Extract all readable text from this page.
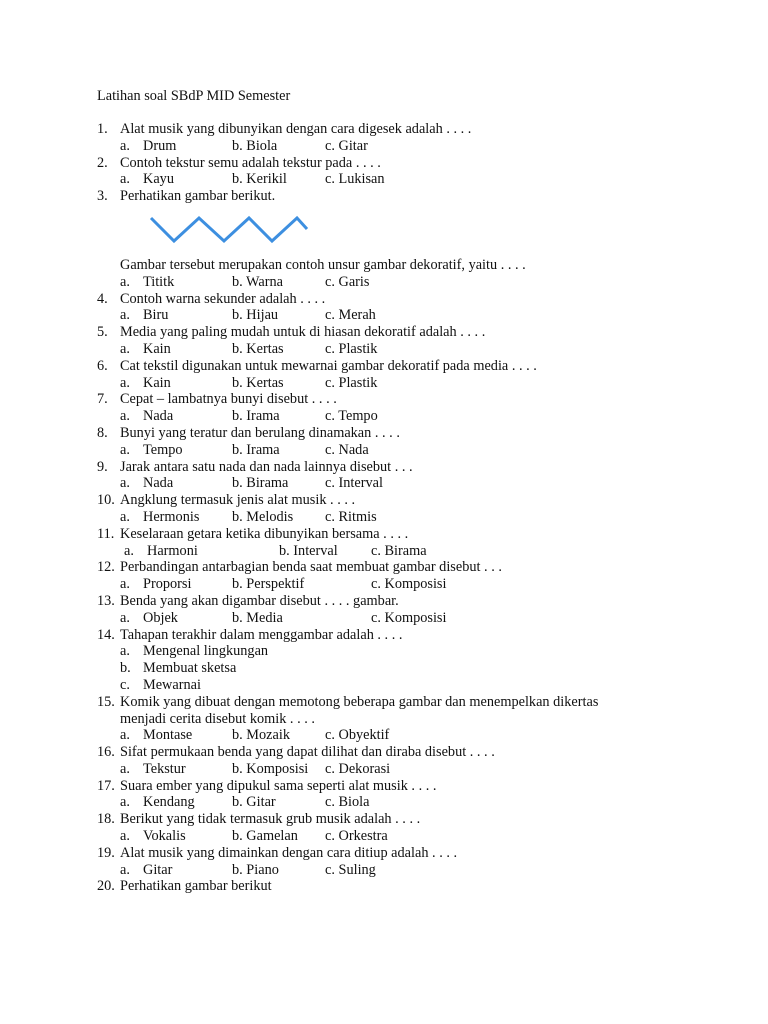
Latihan soal SBdP MID Semester
1. Alat musik yang dibunyikan dengan cara digesek adalah . . . .
a. Drum	b. Biola	c. Gitar
2. Contoh tekstur semu adalah tekstur pada . . . .
a. Kayu	b. Kerikil	c. Lukisan
3. Perhatikan gambar berikut.
Gambar tersebut merupakan contoh unsur gambar dekoratif, yaitu . . . .
a. Tititk	b. Warna	c. Garis
4. Contoh warna sekunder adalah . . . .
a. Biru	b. Hijau	c. Merah
5. Media yang paling mudah untuk di hiasan dekoratif adalah . . . .
a. Kain	b. Kertas	c. Plastik
6. Cat tekstil digunakan untuk mewarnai gambar dekoratif pada media . . . .
a. Kain	b. Kertas	c. Plastik
7. Cepat – lambatnya bunyi disebut . . . .
a. Nada	b. Irama	c. Tempo
8. Bunyi yang teratur dan berulang dinamakan . . . .
a. Tempo	b. Irama	c. Nada
9. Jarak antara satu nada dan nada lainnya disebut . . .
a. Nada	b. Birama	c. Interval
10. Angklung termasuk jenis alat musik . . . .
a. Hermonis b. Melodis c. Ritmis
11. Keselaraan getara ketika dibunyikan bersama . . . .
a. Harmoni	b. Interval c. Birama
12. Perbandingan antarbagian benda saat membuat gambar disebut . . .
a. Proporsi	b. Perspektif	c. Komposisi
13. Benda yang akan digambar disebut . . . . gambar.
a. Objek	b. Media	c. Komposisi
14. Tahapan terakhir dalam menggambar adalah . . . .
a. Mengenal lingkungan
b. Membuat sketsa
c. Mewarnai
15. Komik yang dibuat dengan memotong beberapa gambar dan menempelkan dikertas
menjadi cerita disebut komik . . . .
a. Montase	b. Mozaik c. Obyektif
16. Sifat permukaan benda yang dapat dilihat dan diraba disebut . . . .
a. Tekstur	b. Komposisi c. Dekorasi
17. Suara ember yang dipukul sama seperti alat musik . . . .
a. Kendang	b. Gitar	c. Biola
18. Berikut yang tidak termasuk grub musik adalah . . . .
a. Vokalis	b. Gamelan c. Orkestra
19. Alat musik yang dimainkan dengan cara ditiup adalah . . . .
a. Gitar	b. Piano	c. Suling
20. Perhatikan gambar berikut
